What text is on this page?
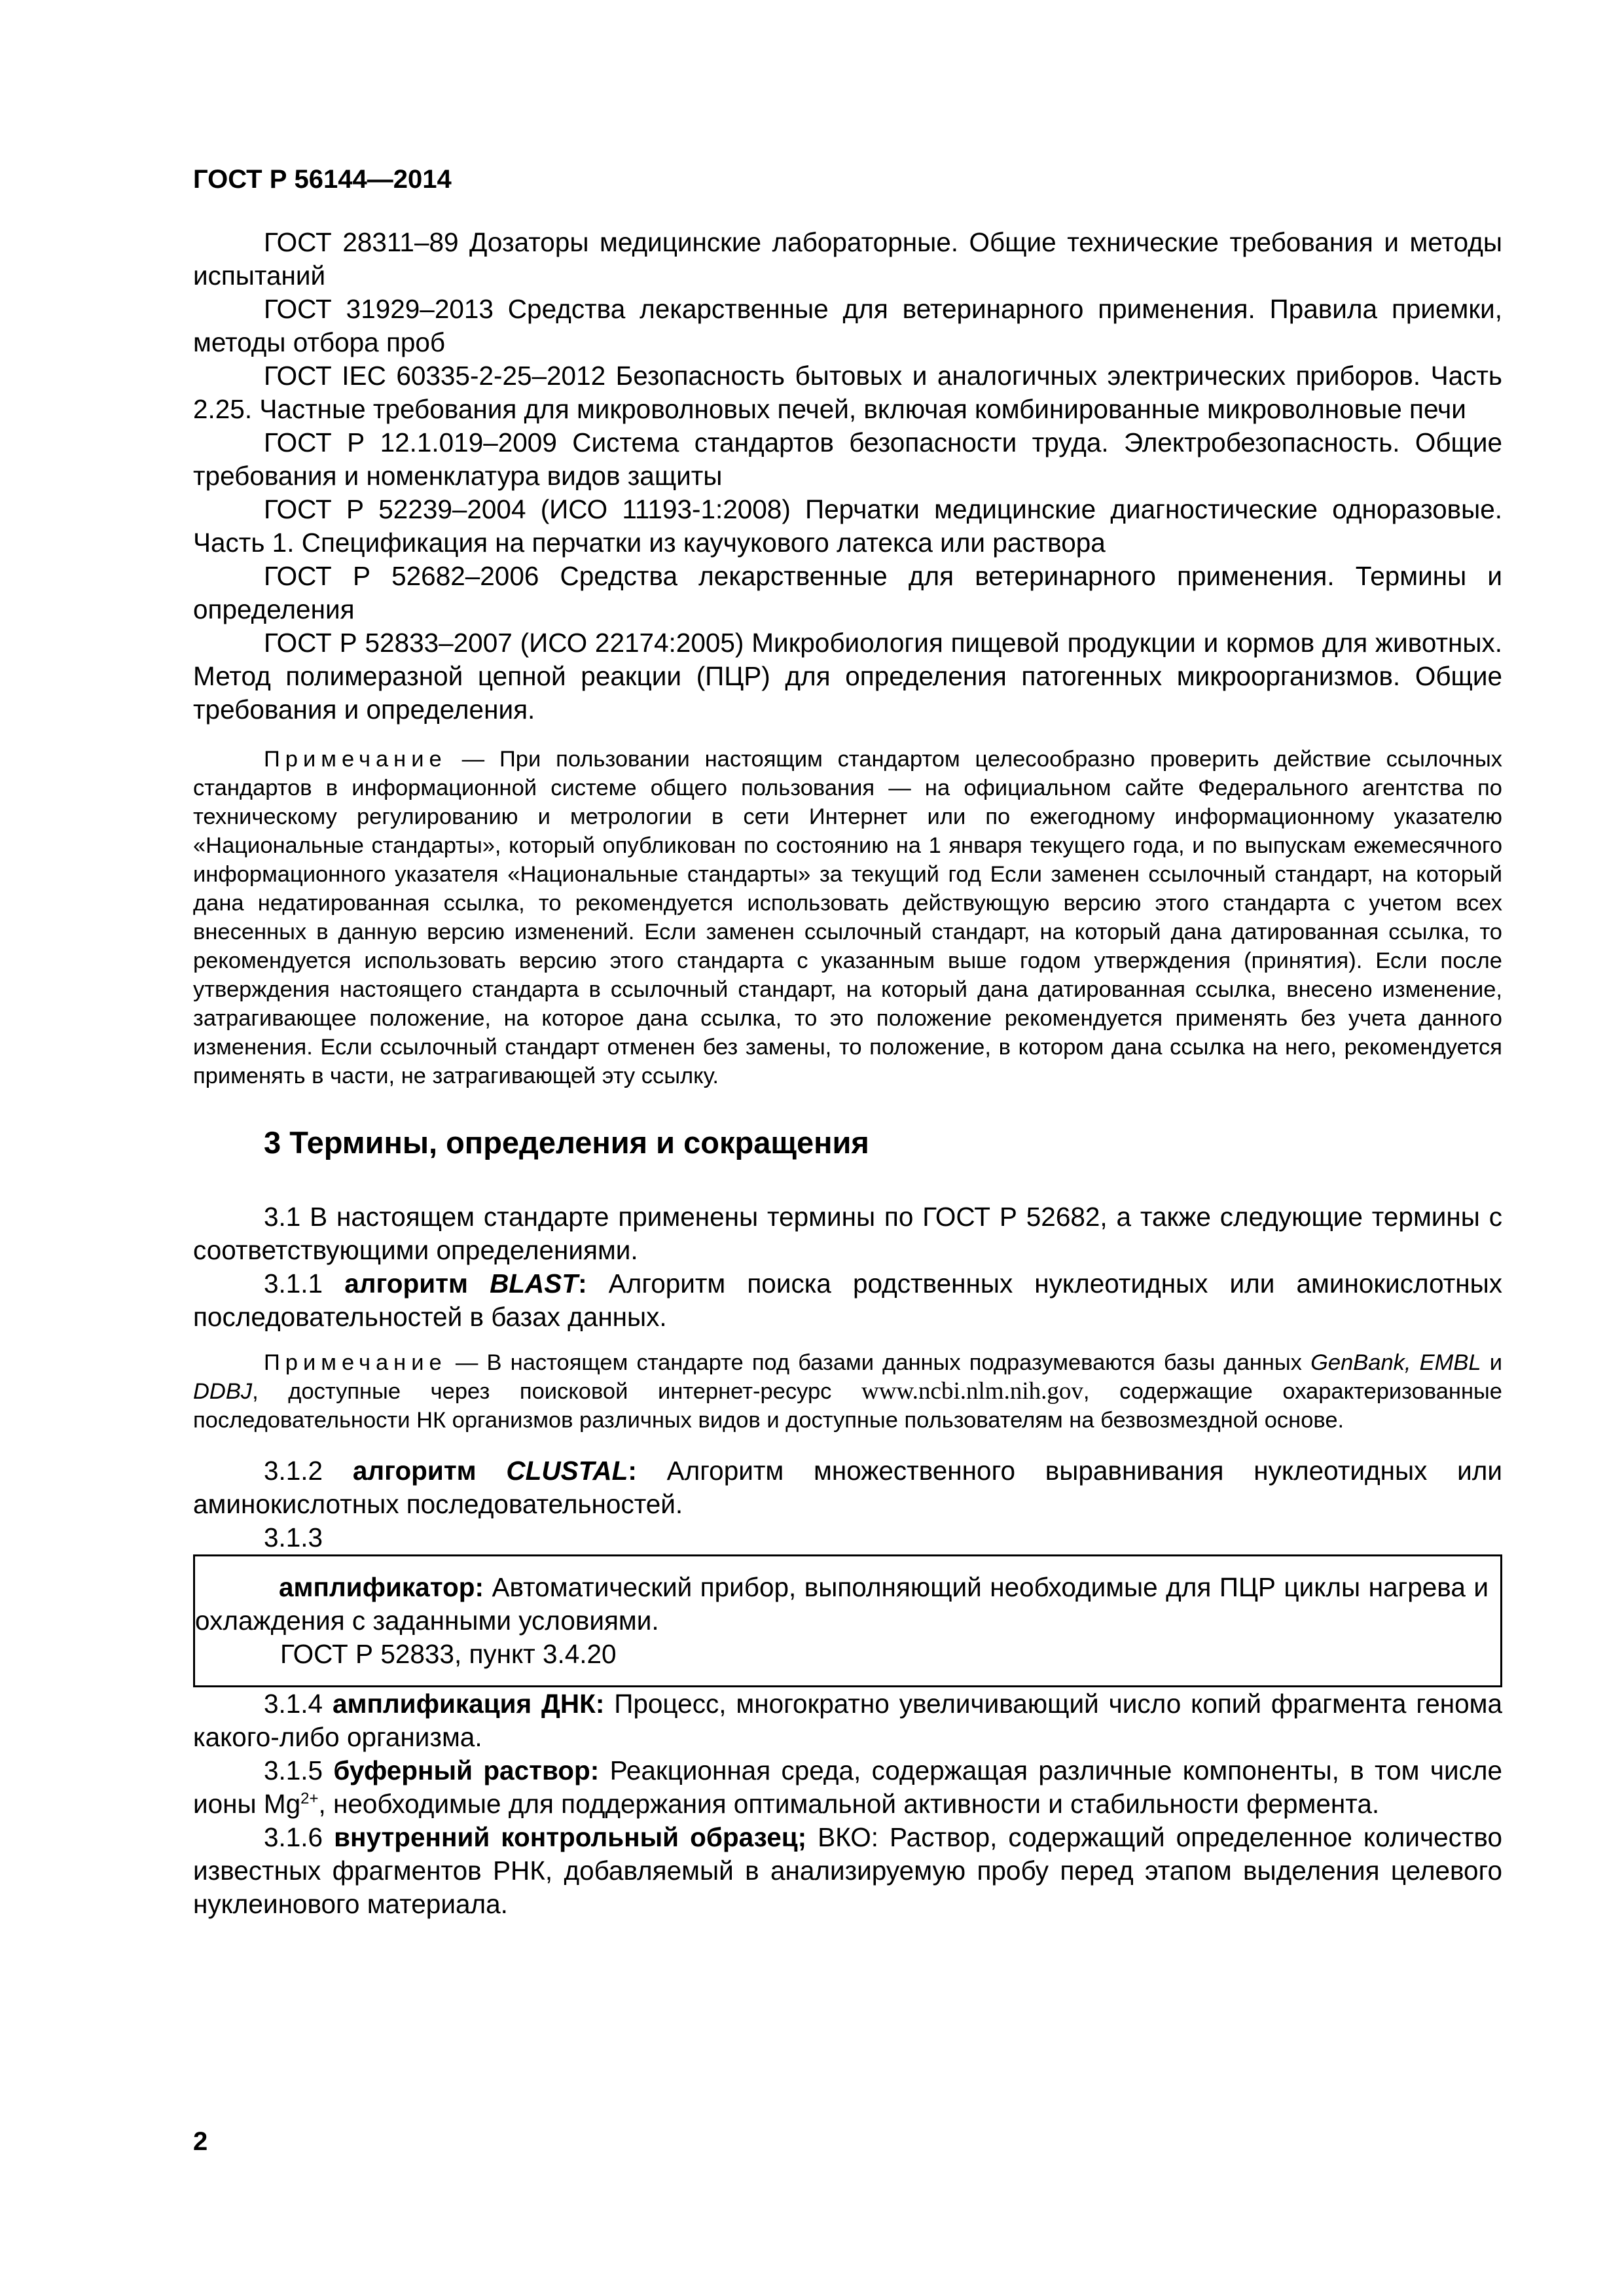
ГОСТ Р 56144—2014

ГОСТ 28311–89 Дозаторы медицинские лабораторные. Общие технические требования и методы испытаний

ГОСТ 31929–2013 Средства лекарственные для ветеринарного применения. Правила приемки, методы отбора проб

ГОСТ IEC 60335-2-25–2012 Безопасность бытовых и аналогичных электрических приборов. Часть 2.25. Частные требования для микроволновых печей, включая комбинированные микроволновые печи

ГОСТ Р 12.1.019–2009 Система стандартов безопасности труда. Электробезопасность. Общие требования и номенклатура видов защиты

ГОСТ Р 52239–2004 (ИСО 11193-1:2008) Перчатки медицинские диагностические одноразовые. Часть 1. Спецификация на перчатки из каучукового латекса или раствора

ГОСТ Р 52682–2006 Средства лекарственные для ветеринарного применения. Термины и определения

ГОСТ Р 52833–2007 (ИСО 22174:2005) Микробиология пищевой продукции и кормов для животных. Метод полимеразной цепной реакции (ПЦР) для определения патогенных микроорганизмов. Общие требования и определения.

Примечание — При пользовании настоящим стандартом целесообразно проверить действие ссылочных стандартов в информационной системе общего пользования — на официальном сайте Федерального агентства по техническому регулированию и метрологии в сети Интернет или по ежегодному информационному указателю «Национальные стандарты», который опубликован по состоянию на 1 января текущего года, и по выпускам ежемесячного информационного указателя «Национальные стандарты» за текущий год Если заменен ссылочный стандарт, на который дана недатированная ссылка, то рекомендуется использовать действующую версию этого стандарта с учетом всех внесенных в данную версию изменений. Если заменен ссылочный стандарт, на который дана датированная ссылка, то рекомендуется использовать версию этого стандарта с указанным выше годом утверждения (принятия). Если после утверждения настоящего стандарта в ссылочный стандарт, на который дана датированная ссылка, внесено изменение, затрагивающее положение, на которое дана ссылка, то это положение рекомендуется применять без учета данного изменения. Если ссылочный стандарт отменен без замены, то положение, в котором дана ссылка на него, рекомендуется применять в части, не затрагивающей эту ссылку.

3 Термины, определения и сокращения

3.1 В настоящем стандарте применены термины по ГОСТ Р 52682, а также следующие термины с соответствующими определениями.

3.1.1 алгоритм BLAST: Алгоритм поиска родственных нуклеотидных или аминокислотных последовательностей в базах данных.

Примечание — В настоящем стандарте под базами данных подразумеваются базы данных GenBank, EMBL и DDBJ, доступные через поисковой интернет-ресурс www.ncbi.nlm.nih.gov, содержащие охарактеризованные последовательности НК организмов различных видов и доступные пользователям на безвозмездной основе.

3.1.2 алгоритм CLUSTAL: Алгоритм множественного выравнивания нуклеотидных или аминокислотных последовательностей.

3.1.3

амплификатор: Автоматический прибор, выполняющий необходимые для ПЦР циклы нагрева и охлаждения с заданными условиями.

ГОСТ Р 52833, пункт 3.4.20

3.1.4 амплификация ДНК: Процесс, многократно увеличивающий число копий фрагмента генома какого-либо организма.

3.1.5 буферный раствор: Реакционная среда, содержащая различные компоненты, в том числе ионы $Mg^{2+}$, необходимые для поддержания оптимальной активности и стабильности фермента.

3.1.6 внутренний контрольный образец; ВКО: Раствор, содержащий определенное количество известных фрагментов РНК, добавляемый в анализируемую пробу перед этапом выделения целевого нуклеинового материала.

2
